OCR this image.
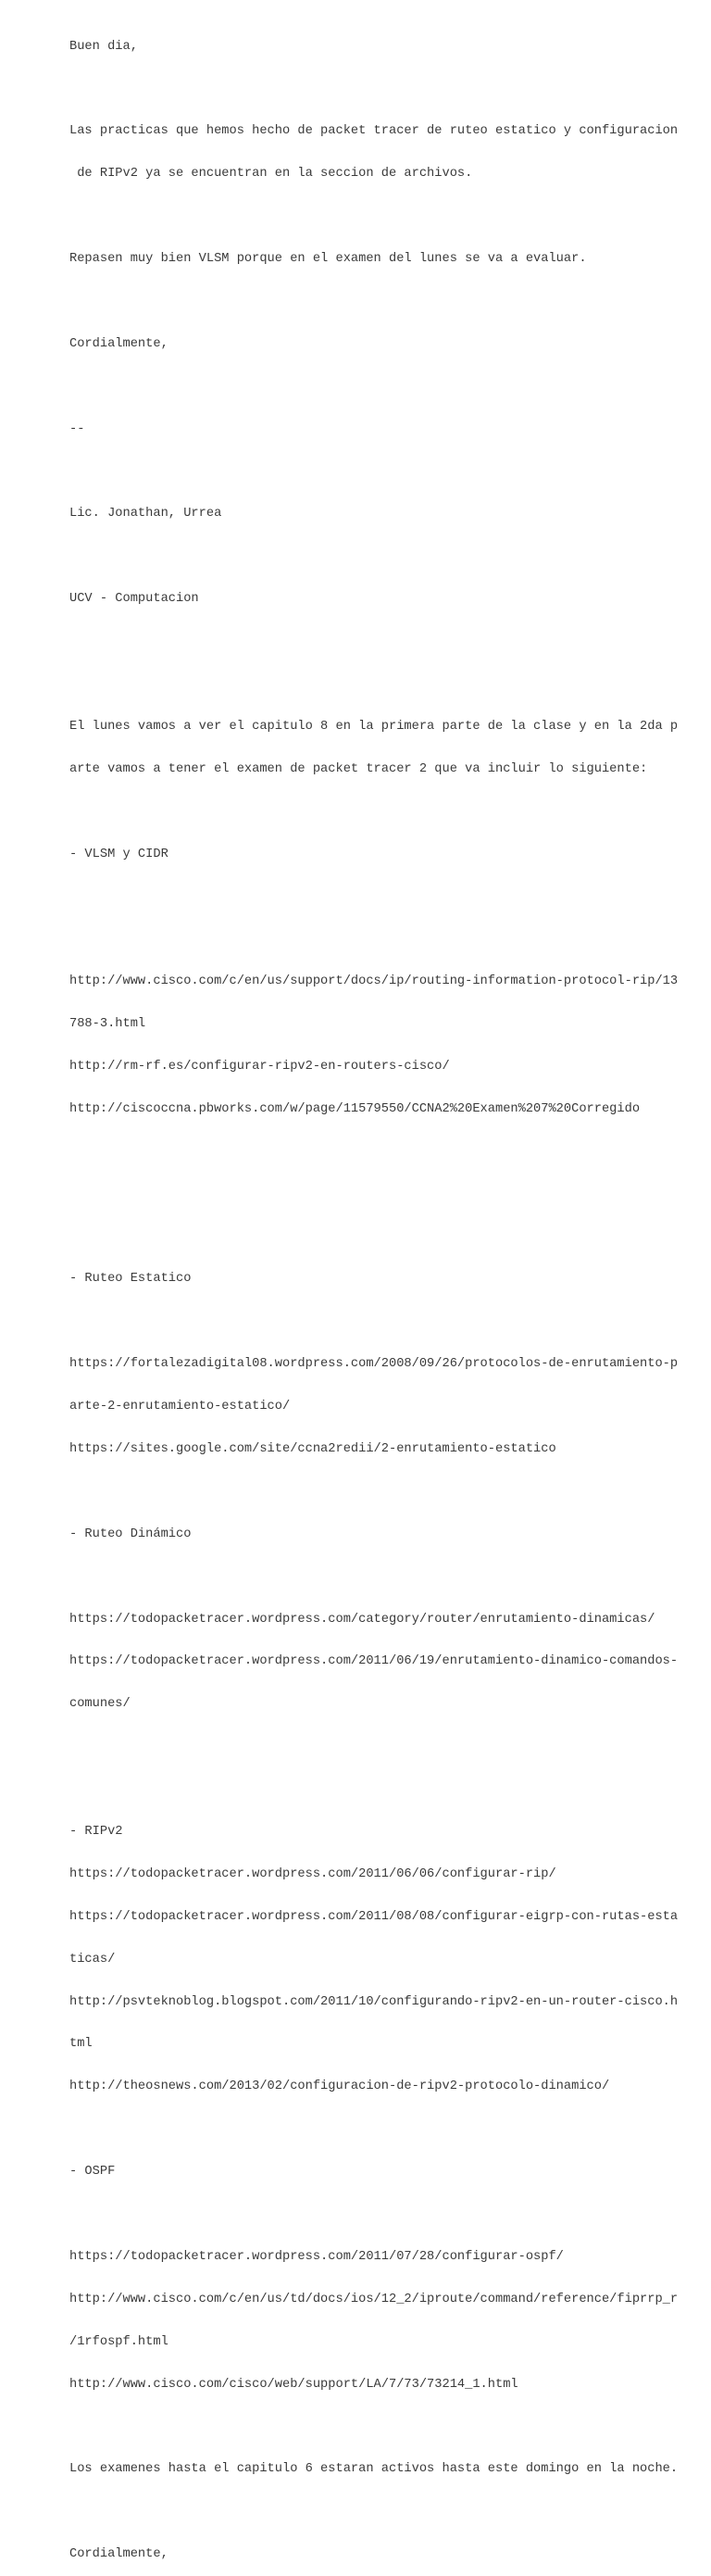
Buen dia,

Las practicas que hemos hecho de packet tracer de ruteo estatico y configuracion

de RIPv2 ya se encuentran en la seccion de archivos.

Repasen muy bien VLSM porque en el examen del lunes se va a evaluar.

Cordialmente,

--

Lic. Jonathan, Urrea

UCV - Computacion

El lunes vamos a ver el capitulo 8 en la primera parte de la clase y en la 2da p

arte vamos a tener el examen de packet tracer 2 que va incluir lo siguiente:

- VLSM y CIDR

http://www.cisco.com/c/en/us/support/docs/ip/routing-information-protocol-rip/13

788-3.html

http://rm-rf.es/configurar-ripv2-en-routers-cisco/

http://ciscoccna.pbworks.com/w/page/11579550/CCNA2%20Examen%207%20Corregido

- Ruteo Estatico

https://fortalezadigital08.wordpress.com/2008/09/26/protocolos-de-enrutamiento-p

arte-2-enrutamiento-estatico/

https://sites.google.com/site/ccna2redii/2-enrutamiento-estatico

- Ruteo Dinámico

https://todopacketracer.wordpress.com/category/router/enrutamiento-dinamicas/

https://todopacketracer.wordpress.com/2011/06/19/enrutamiento-dinamico-comandos-

comunes/

- RIPv2

https://todopacketracer.wordpress.com/2011/06/06/configurar-rip/

https://todopacketracer.wordpress.com/2011/08/08/configurar-eigrp-con-rutas-esta

ticas/

http://psvteknoblog.blogspot.com/2011/10/configurando-ripv2-en-un-router-cisco.h

tml

http://theosnews.com/2013/02/configuracion-de-ripv2-protocolo-dinamico/

- OSPF

https://todopacketracer.wordpress.com/2011/07/28/configurar-ospf/

http://www.cisco.com/c/en/us/td/docs/ios/12_2/iproute/command/reference/fiprrp_r

/1rfospf.html

http://www.cisco.com/cisco/web/support/LA/7/73/73214_1.html

Los examenes hasta el capitulo 6 estaran activos hasta este domingo en la noche.

Cordialmente,
